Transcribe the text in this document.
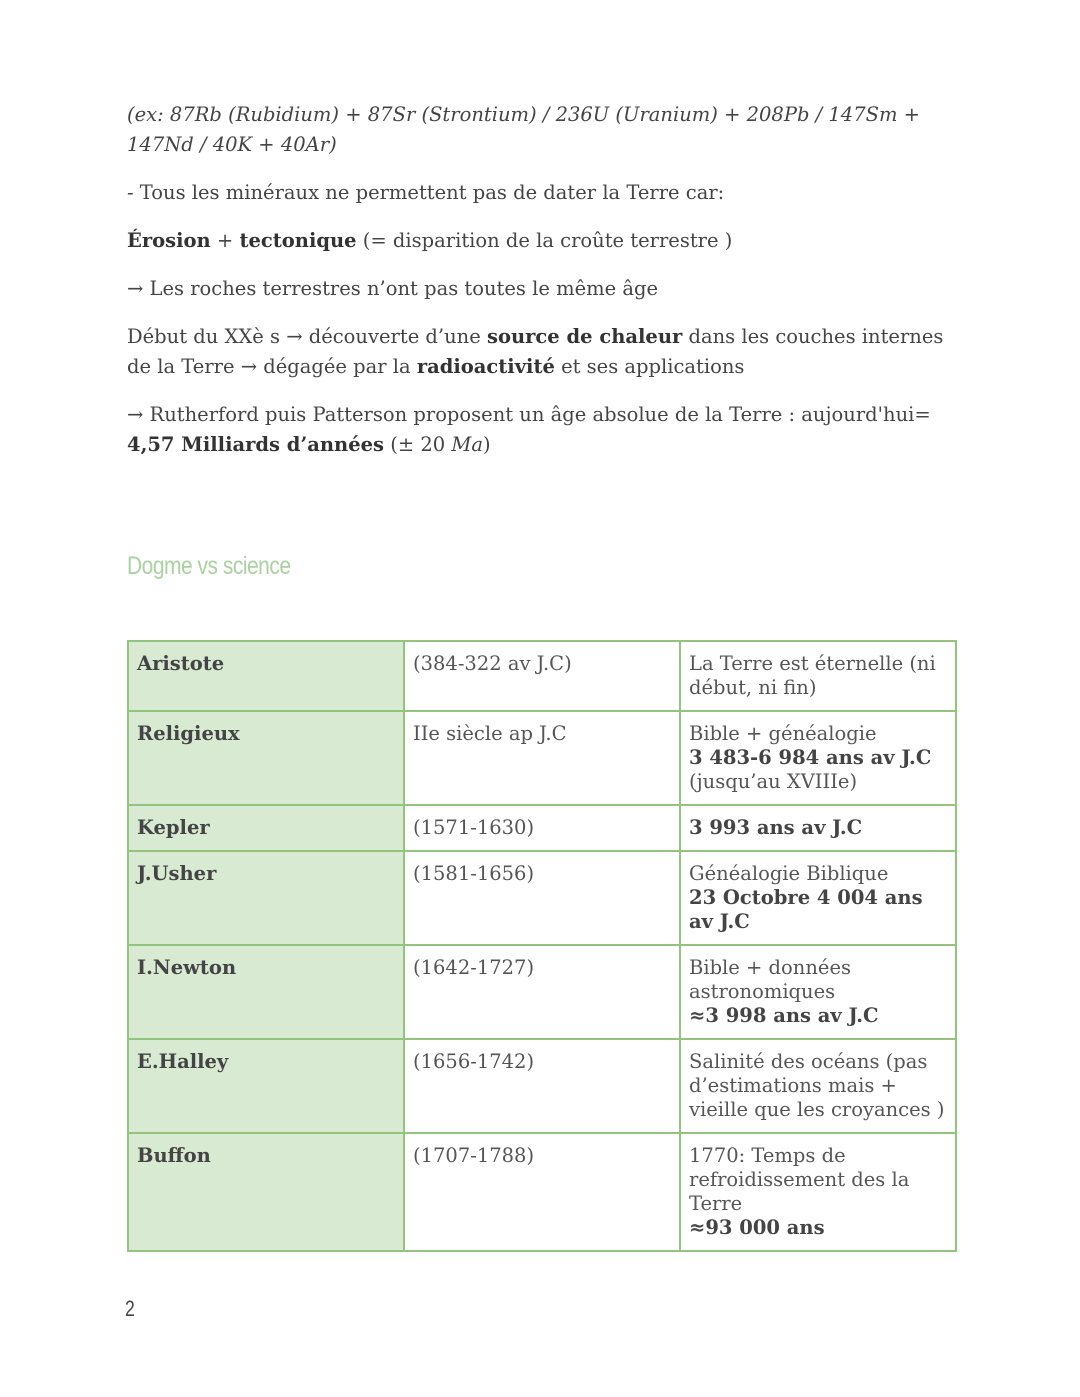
(ex: 87Rb (Rubidium) + 87Sr (Strontium) / 236U (Uranium) + 208Pb / 147Sm + 147Nd / 40K + 40Ar)

- Tous les minéraux ne permettent pas de dater la Terre car:

Érosion + tectonique (= disparition de la croûte terrestre )

→ Les roches terrestres n’ont pas toutes le même âge

Début du XXè s → découverte d’une source de chaleur dans les couches internes de la Terre → dégagée par la radioactivité et ses applications

→ Rutherford puis Patterson proposent un âge absolue de la Terre : aujourd'hui= 4,57 Milliards d’années (± 20 Ma)

Dogme vs science
Aristote	(384-322 av J.C)	La Terre est éternelle (ni début, ni fin)

Religieux	IIe siècle ap J.C	Bible + généalogie
3 483-6 984 ans av J.C
(jusqu’au XVIIIe)

Kepler	(1571-1630)	3 993 ans av J.C

J.Usher	(1581-1656)	Généalogie Biblique
23 Octobre 4 004 ans av J.C

I.Newton	(1642-1727)	Bible + données astronomiques
≈3 998 ans av J.C

E.Halley	(1656-1742)	Salinité des océans (pas d’estimations mais + vieille que les croyances )

Buffon	(1707-1788)	1770: Temps de refroidissement des la Terre
≈93 000 ans
2
